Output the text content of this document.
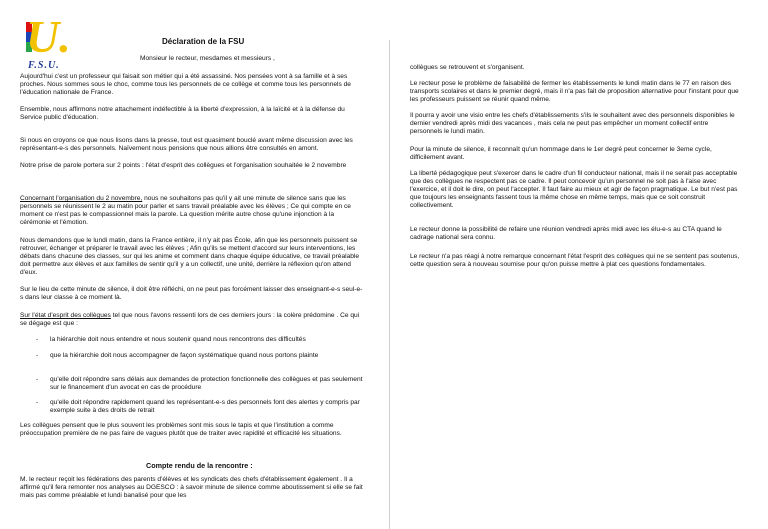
U.
F.S.U.
Déclaration de la FSU
Monsieur le recteur, mesdames et messieurs ,

Aujourd'hui c'est un professeur qui faisait son métier qui a été assassiné. Nos pensées vont à sa famille et à ses proches. Nous sommes sous le choc, comme tous les personnels de ce collège et comme tous les personnels de l'éducation nationale de France.

Ensemble, nous affirmons notre attachement indéfectible à la liberté d'expression, à la laïcité et à la défense du Service public d'éducation.

Si nous en croyons ce que nous lisons dans la presse, tout est quasiment bouclé avant même discussion avec les représentant-e-s des personnels. Naïvement nous pensions que nous allions être consultés en amont.

Notre prise de parole portera sur 2 points : l'état d'esprit des collègues et l'organisation souhaitée le 2 novembre

Concernant l'organisation du 2 novembre, nous ne souhaitons pas qu'il y ait une minute de silence sans que les personnels se réunissent le 2 au matin pour parler et sans travail préalable avec les élèves ; Ce qui compte en ce moment ce n'est pas le compassionnel mais la parole. La question mérite autre chose qu'une injonction à la cérémonie et l'émotion.

Nous demandons que le lundi matin, dans la France entière, il n'y ait pas École, afin que les personnels puissent se retrouver, échanger et préparer le travail avec les élèves ; Afin qu'ils se mettent d'accord sur leurs interventions, les débats dans chacune des classes, sur qui les anime et comment dans chaque équipe éducative, ce travail préalable doit permettre aux élèves et aux familles de sentir qu'il y a un collectif, une unité, derrière la réflexion qu'on attend d'eux.

Sur le lieu de cette minute de silence, il doit être réfléchi, on ne peut pas forcément laisser des enseignant-e-s seul-e-s dans leur classe à ce moment là.

Sur l'état d'esprit des collègues tel que nous l'avons ressenti lors de ces derniers jours : la colère prédomine . Ce qui se dégage est que :

- la hiérarchie doit nous entendre et nous soutenir quand nous rencontrons des difficultés
- que la hiérarchie doit nous accompagner de façon systématique quand nous portons plainte
- qu'elle doit répondre sans délais aux demandes de protection fonctionnelle des collègues et pas seulement sur le financement d'un avocat en cas de procédure
- qu'elle doit répondre rapidement quand les représentant-e-s des personnels font des alertes y compris par exemple suite à des droits de retrait

Les collègues pensent que le plus souvent les problèmes sont mis sous le tapis et que l'institution a comme préoccupation première de ne pas faire de vagues plutôt que de traiter avec rapidité et efficacité les situations.

Compte rendu de la rencontre :

M. le recteur reçoit les fédérations des parents d'élèves et les syndicats des chefs d'établissement également . Il a affirmé qu'il fera remonter nos analyses au DGESCO : à savoir minute de silence comme aboutissement si elle se fait mais pas comme préalable et lundi banalisé pour que les

collègues se retrouvent et s'organisent.

Le recteur pose le problème de faisabilité de fermer les établissements le lundi matin dans le 77 en raison des transports scolaires et dans le premier degré, mais il n'a pas fait de proposition alternative pour l'instant pour que les professeurs puissent se réunir quand même.

Il pourra y avoir une visio entre les chefs d'établissements s'ils le souhaitent avec des personnels disponibles le dernier vendredi après midi des vacances , mais cela ne peut pas empêcher un moment collectif entre personnels le lundi matin.

Pour la minute de silence, il reconnaît qu'un hommage dans le 1er degré peut concerner le 3eme cycle, difficilement avant.

La liberté pédagogique peut s'exercer dans le cadre d'un fil conducteur national, mais il ne serait pas acceptable que des collègues ne respectent pas ce cadre. Il peut concevoir qu'un personnel ne soit pas à l'aise avec l'exercice, et il doit le dire, on peut l'accepter. Il faut faire au mieux et agir de façon pragmatique. Le but n'est pas que toujours les enseignants fassent tous la même chose en même temps, mais que ce soit construit collectivement.

Le recteur donne la possibilité de refaire une réunion vendredi après midi avec les élu-e-s au CTA quand le cadrage national sera connu.

Le recteur n'a pas réagi à notre remarque concernant l'état l'esprit des collègues qui ne se sentent pas soutenus, cette question sera à nouveau soumise pour qu'on puisse mettre à plat ces questions fondamentales.
